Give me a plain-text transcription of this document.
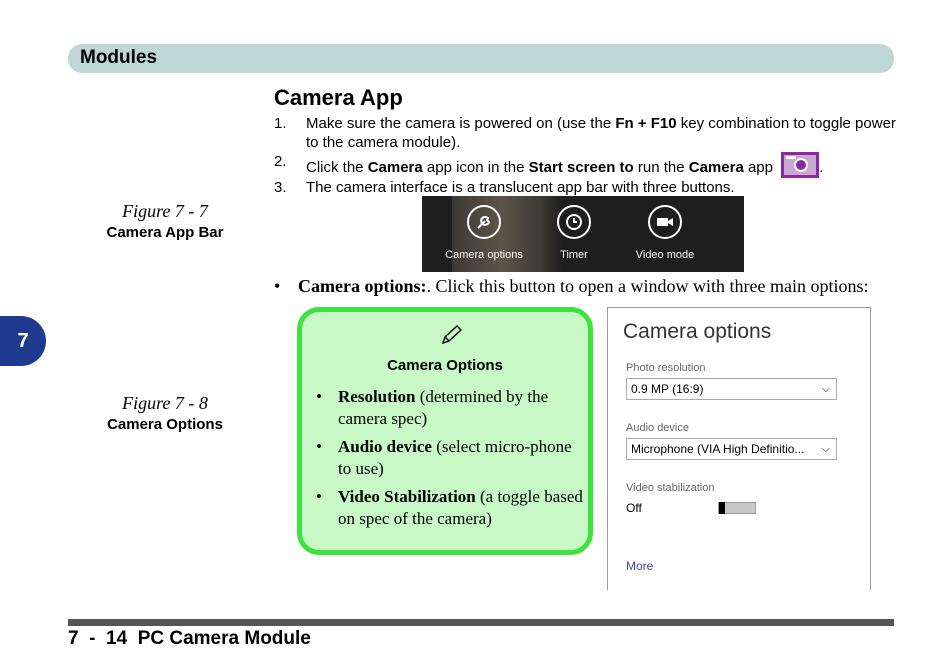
Modules
7
Camera App
1. Make sure the camera is powered on (use the Fn + F10 key combination to toggle power to the camera module).
2. Click the Camera app icon in the Start screen to run the Camera app	.
3. The camera interface is a translucent app bar with three buttons.
Figure 7 - 7
Camera App Bar
Camera options	Timer	Video mode
• Camera options:. Click this button to open a window with three main options:
Figure 7 - 8
Camera Options
Camera Options
• Resolution (determined by the camera spec)
• Audio device (select micro-phone to use)
• Video Stabilization (a toggle based on spec of the camera)
Camera options
Photo resolution
0.9 MP (16:9)	⌵
Audio device
Microphone (VIA High Definitio... ⌵
Video stabilization
Off
More
7  -  14  PC Camera Module
